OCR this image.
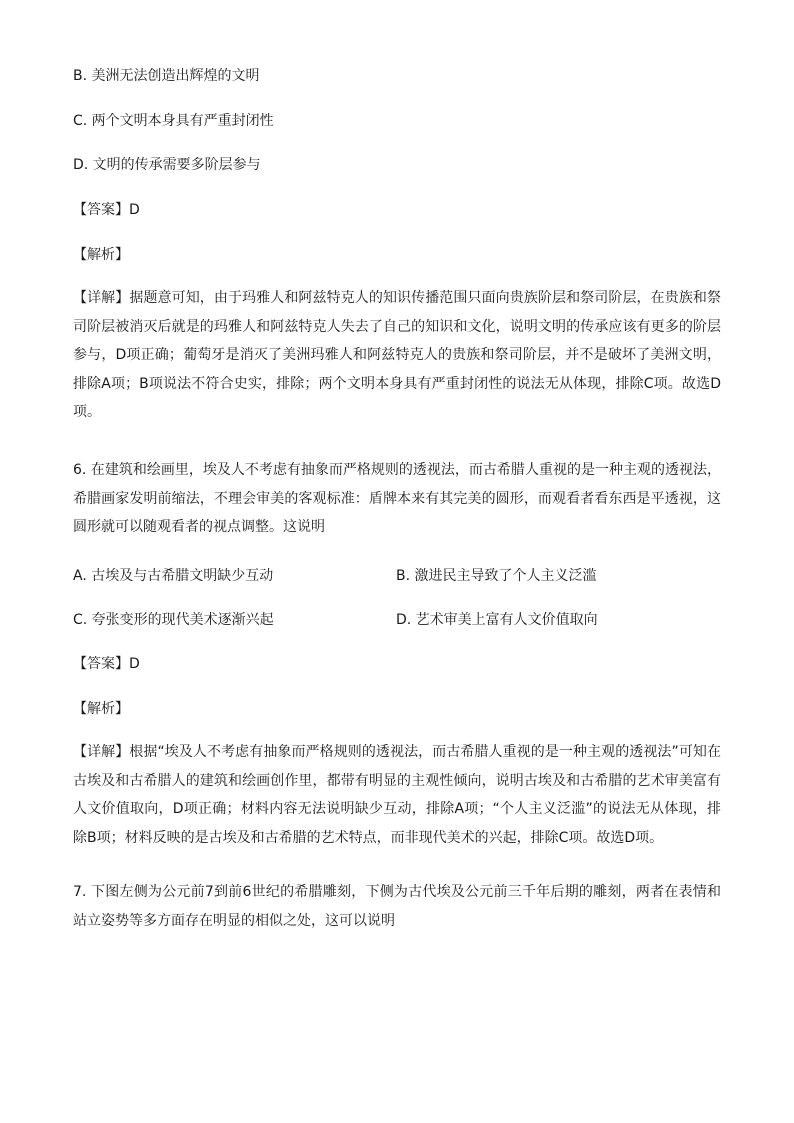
B. 美洲无法创造出辉煌的文明
C. 两个文明本身具有严重封闭性
D. 文明的传承需要多阶层参与
【答案】D
【解析】
【详解】据题意可知，由于玛雅人和阿兹特克人的知识传播范围只面向贵族阶层和祭司阶层，在贵族和祭司阶层被消灭后就是的玛雅人和阿兹特克人失去了自己的知识和文化，说明文明的传承应该有更多的阶层参与，D项正确；葡萄牙是消灭了美洲玛雅人和阿兹特克人的贵族和祭司阶层，并不是破坏了美洲文明，排除A项；B项说法不符合史实，排除；两个文明本身具有严重封闭性的说法无从体现，排除C项。故选D项。
6. 在建筑和绘画里，埃及人不考虑有抽象而严格规则的透视法，而古希腊人重视的是一种主观的透视法，希腊画家发明前缩法，不理会审美的客观标准：盾牌本来有其完美的圆形，而观看者看东西是平透视，这圆形就可以随观看者的视点调整。这说明
A. 古埃及与古希腊文明缺少互动	B. 激进民主导致了个人主义泛滥
C. 夸张变形的现代美术逐渐兴起	D. 艺术审美上富有人文价值取向
【答案】D
【解析】
【详解】根据“埃及人不考虑有抽象而严格规则的透视法，而古希腊人重视的是一种主观的透视法”可知在古埃及和古希腊人的建筑和绘画创作里，都带有明显的主观性倾向，说明古埃及和古希腊的艺术审美富有人文价值取向，D项正确；材料内容无法说明缺少互动，排除A项；“个人主义泛滥”的说法无从体现，排除B项；材料反映的是古埃及和古希腊的艺术特点，而非现代美术的兴起，排除C项。故选D项。
7. 下图左侧为公元前7到前6世纪的希腊雕刻，下侧为古代埃及公元前三千年后期的雕刻，两者在表情和站立姿势等多方面存在明显的相似之处，这可以说明
